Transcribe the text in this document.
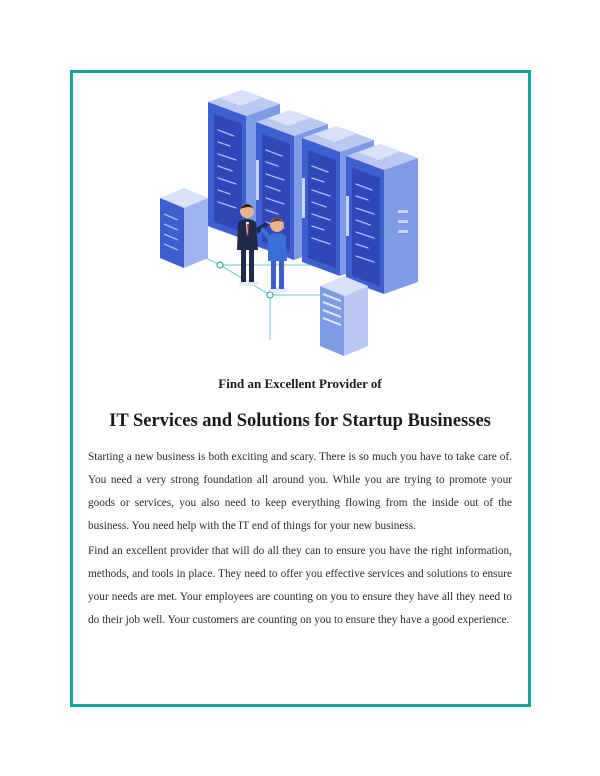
Find an Excellent Provider of
IT Services and Solutions for Startup Businesses

Starting a new business is both exciting and scary. There is so much you have to take care of. You need a very strong foundation all around you. While you are trying to promote your goods or services, you also need to keep everything flowing from the inside out of the business. You need help with the IT end of things for your new business.

Find an excellent provider that will do all they can to ensure you have the right information, methods, and tools in place. They need to offer you effective services and solutions to ensure your needs are met. Your employees are counting on you to ensure they have all they need to do their job well. Your customers are counting on you to ensure they have a good experience.
